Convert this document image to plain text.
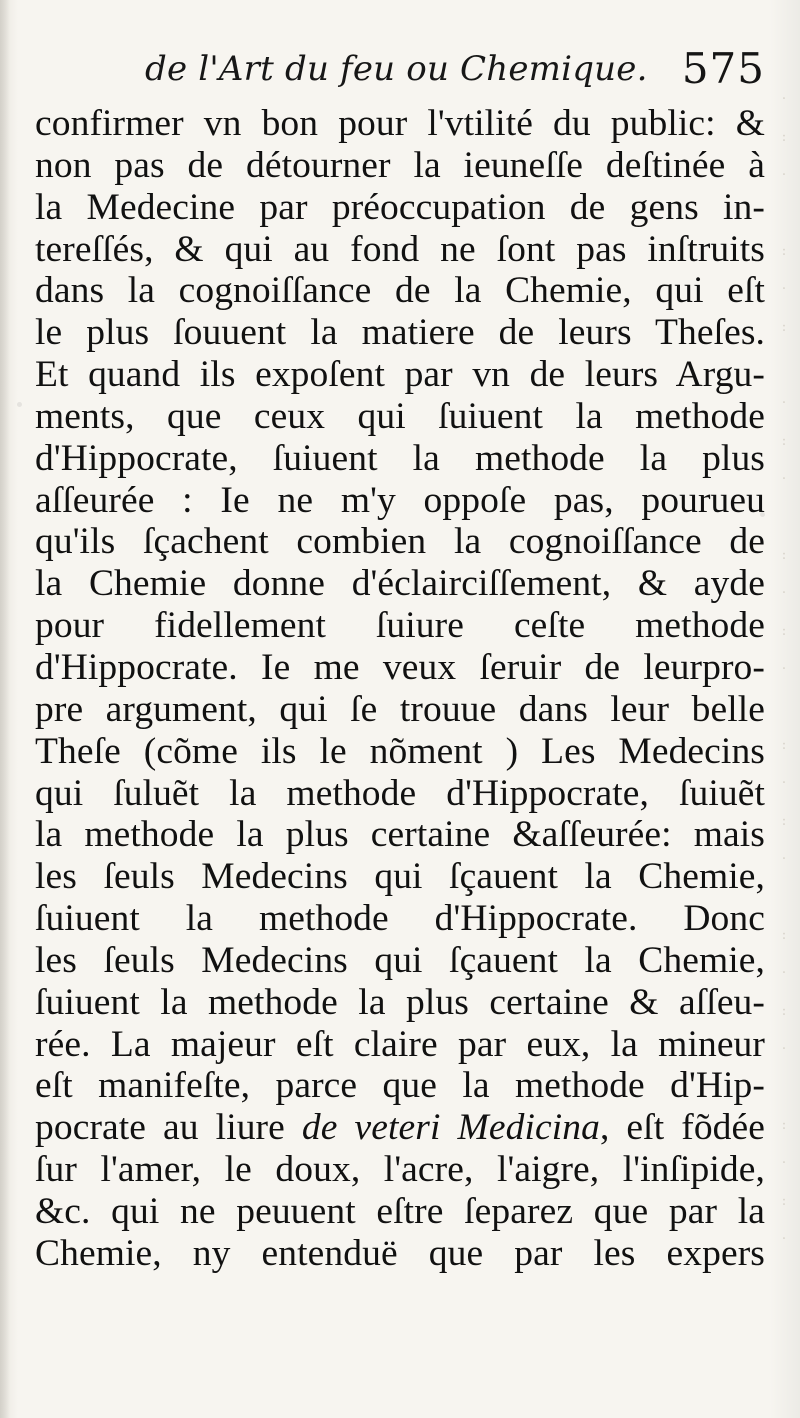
·
:
·

:
·
:

·
:
·

:
·
:
·

:
·
:
·

:
·
:
·

:
·
:
·
de l'Art du feu ou Chemique. 575
confirmer vn bon pour l'vtilité du public: &
non pas de détourner la ieuneſſe deſtinée à
la Medecine par préoccupation de gens in-
tereſſés, & qui au fond ne ſont pas inſtruits
dans la cognoiſſance de la Chemie, qui eſt
le plus ſouuent la matiere de leurs Theſes.
Et quand ils expoſent par vn de leurs Argu-
ments, que ceux qui ſuiuent la methode
d'Hippocrate, ſuiuent la methode la plus
aſſeurée : Ie ne m'y oppoſe pas, pourueu
qu'ils ſçachent combien la cognoiſſance de
la Chemie donne d'éclairciſſement, & ayde
pour fidellement ſuiure ceſte methode
d'Hippocrate. Ie me veux ſeruir de leurpro-
pre argument, qui ſe trouue dans leur belle
Theſe (cõme ils le nõment ) Les Medecins
qui ſuluẽt la methode d'Hippocrate, ſuiuẽt
la methode la plus certaine &aſſeurée: mais
les ſeuls Medecins qui ſçauent la Chemie,
ſuiuent la methode d'Hippocrate. Donc
les ſeuls Medecins qui ſçauent la Chemie,
ſuiuent la methode la plus certaine & aſſeu-
rée. La majeur eſt claire par eux, la mineur
eſt manifeſte, parce que la methode d'Hip-
pocrate au liure de veteri Medicina, eſt fõdée
ſur l'amer, le doux, l'acre, l'aigre, l'inſipide,
&c. qui ne peuuent eſtre ſeparez que par la
Chemie, ny entenduë que par les expers
